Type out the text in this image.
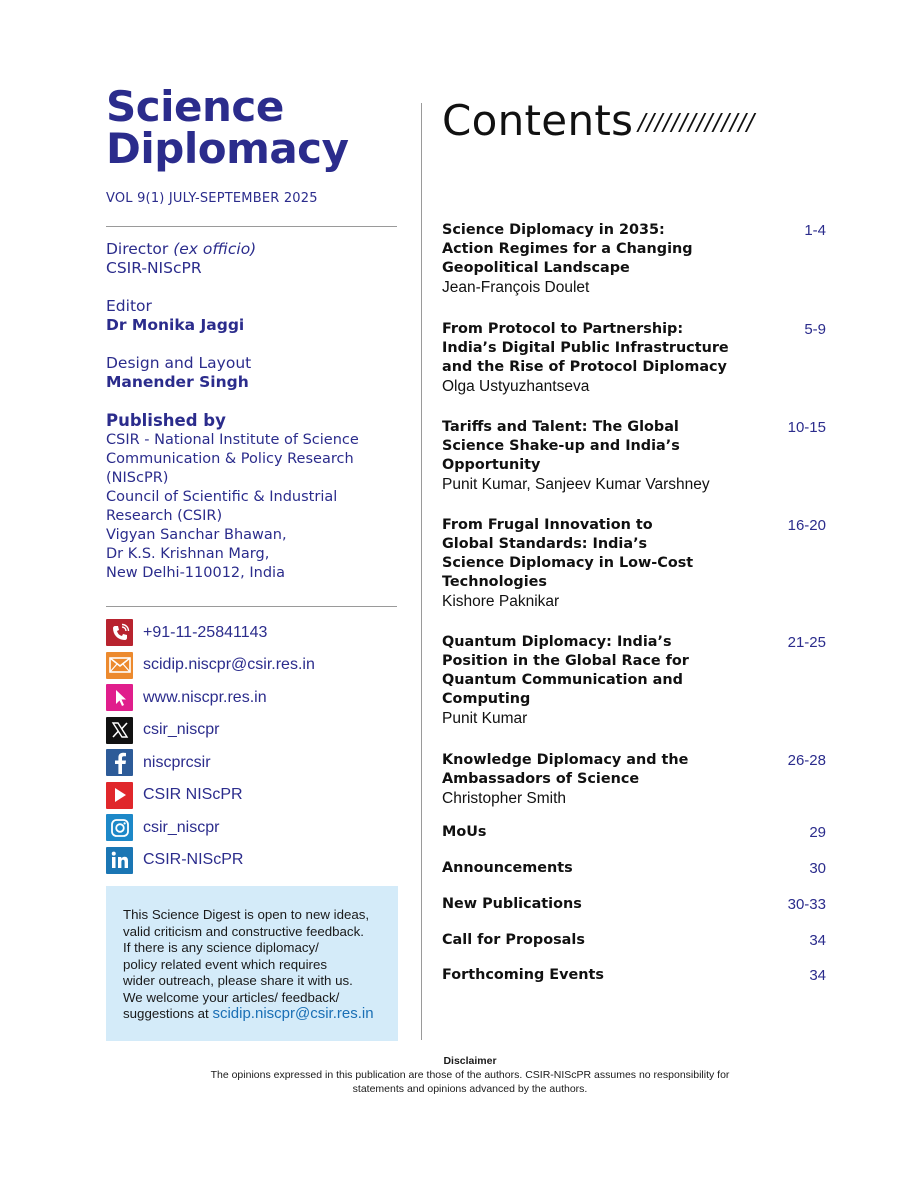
Science
Diplomacy
VOL 9(1) JULY-SEPTEMBER 2025
Director (ex officio)
CSIR-NIScPR
Editor
Dr Monika Jaggi
Design and Layout
Manender Singh
Published by
CSIR - National Institute of Science
Communication & Policy Research
(NIScPR)
Council of Scientific & Industrial
Research (CSIR)
Vigyan Sanchar Bhawan,
Dr K.S. Krishnan Marg,
New Delhi-110012, India
+91-11-25841143
scidip.niscpr@csir.res.in
www.niscpr.res.in
csir_niscpr
niscprcsir
CSIR NIScPR
csir_niscpr
CSIR-NIScPR
This Science Digest is open to new ideas,
valid criticism and constructive feedback.
If there is any science diplomacy/
policy related event which requires
wider outreach, please share it with us.
We welcome your articles/ feedback/
suggestions at scidip.niscpr@csir.res.in
Contents //////////////
Science Diplomacy in 2035:
Action Regimes for a Changing
Geopolitical Landscape
Jean-François Doulet
1-4
From Protocol to Partnership:
India’s Digital Public Infrastructure
and the Rise of Protocol Diplomacy
Olga Ustyuzhantseva
5-9
Tariffs and Talent: The Global
Science Shake-up and India’s
Opportunity
Punit Kumar, Sanjeev Kumar Varshney
10-15
From Frugal Innovation to
Global Standards: India’s
Science Diplomacy in Low-Cost
Technologies
Kishore Paknikar
16-20
Quantum Diplomacy: India’s
Position in the Global Race for
Quantum Communication and
Computing
Punit Kumar
21-25
Knowledge Diplomacy and the
Ambassadors of Science
Christopher Smith
26-28
MoUs	29
Announcements	30
New Publications	30-33
Call for Proposals	34
Forthcoming Events	34
Disclaimer
The opinions expressed in this publication are those of the authors. CSIR-NIScPR assumes no responsibility for
statements and opinions advanced by the authors.
